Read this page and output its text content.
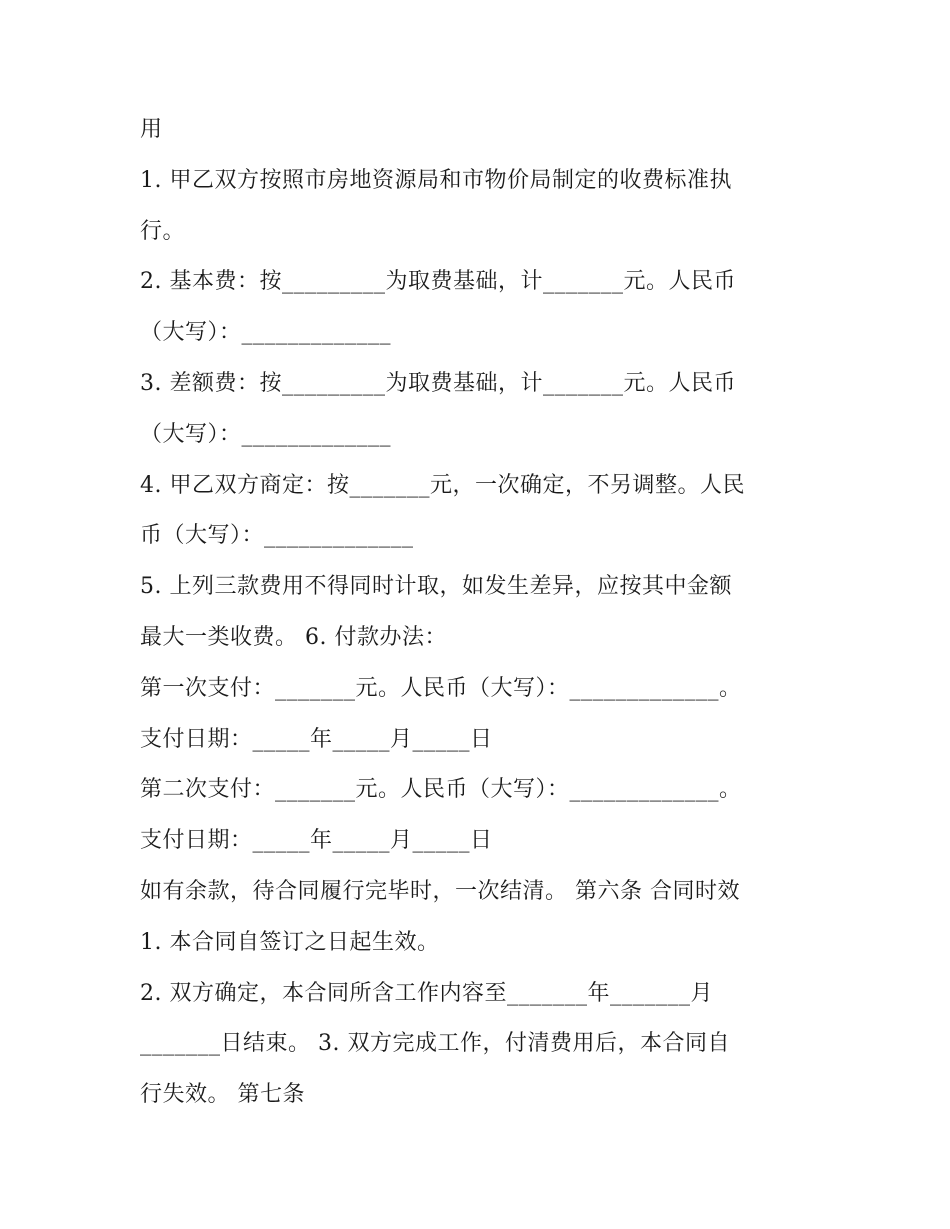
用
1. 甲乙双方按照市房地资源局和市物价局制定的收费标准执
行。
2. 基本费：按_________为取费基础，计_______元。人民币
（大写）：_____________
3. 差额费：按_________为取费基础，计_______元。人民币
（大写）：_____________
4. 甲乙双方商定：按_______元，一次确定，不另调整。人民
币（大写）：_____________
5. 上列三款费用不得同时计取，如发生差异，应按其中金额
最大一类收费。 6. 付款办法：
第一次支付：_______元。人民币（大写）：_____________。
支付日期：_____年_____月_____日
第二次支付：_______元。人民币（大写）：_____________。
支付日期：_____年_____月_____日
如有余款，待合同履行完毕时，一次结清。 第六条 合同时效
1. 本合同自签订之日起生效。
2. 双方确定，本合同所含工作内容至_______年_______月
_______日结束。 3. 双方完成工作，付清费用后，本合同自
行失效。 第七条
